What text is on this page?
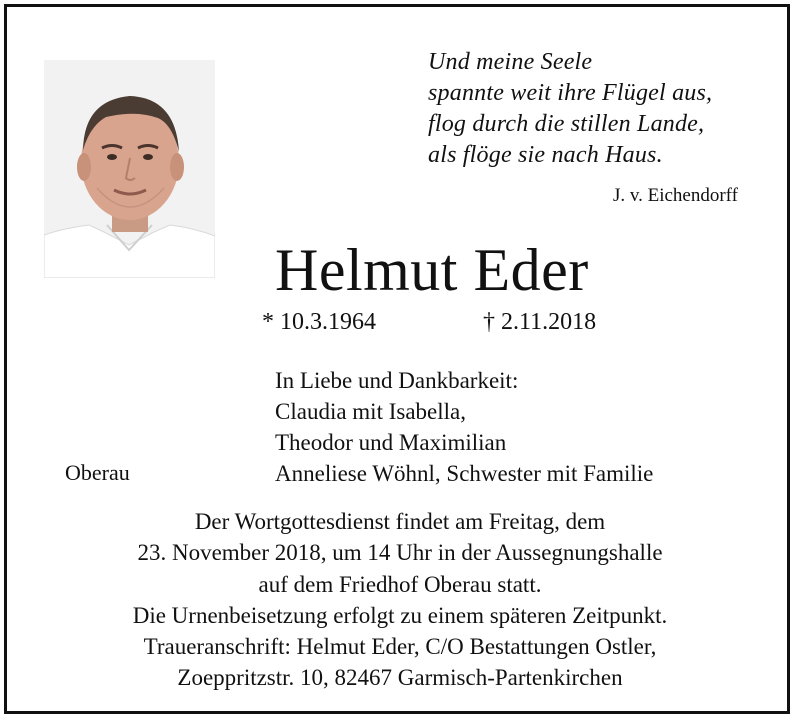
Und meine Seele
spannte weit ihre Flügel aus,
flog durch die stillen Lande,
als flöge sie nach Haus.
J. v. Eichendorff
Helmut Eder
* 10.3.1964	† 2.11.2018
In Liebe und Dankbarkeit:
Claudia mit Isabella,
Theodor und Maximilian
Anneliese Wöhnl, Schwester mit Familie
Oberau
Der Wortgottesdienst findet am Freitag, dem
23. November 2018, um 14 Uhr in der Aussegnungshalle
auf dem Friedhof Oberau statt.
Die Urnenbeisetzung erfolgt zu einem späteren Zeitpunkt.
Traueranschrift: Helmut Eder, C/O Bestattungen Ostler,
Zoeppritzstr. 10, 82467 Garmisch-Partenkirchen
